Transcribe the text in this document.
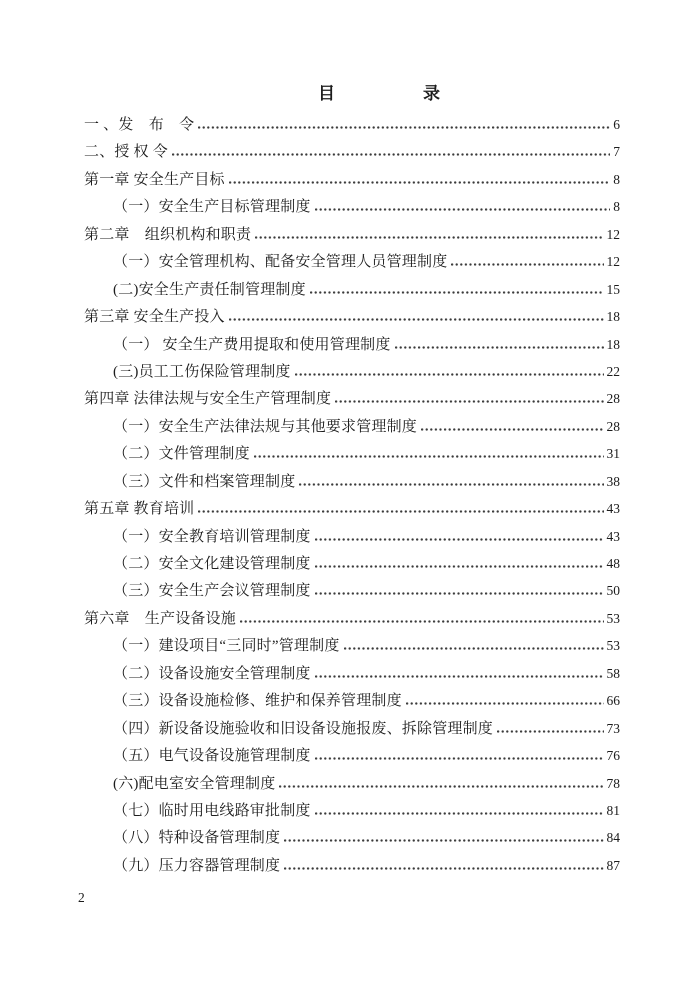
目	录
一 、发　布　令	6
二、授 权 令	7
第一章 安全生产目标	8
（一）安全生产目标管理制度	8
第二章　组织机构和职责	12
（一）安全管理机构、配备安全管理人员管理制度	12
(二)安全生产责任制管理制度	15
第三章 安全生产投入	18
（一） 安全生产费用提取和使用管理制度	18
(三)员工工伤保险管理制度	22
第四章 法律法规与安全生产管理制度	28
（一）安全生产法律法规与其他要求管理制度	28
（二）文件管理制度	31
（三）文件和档案管理制度	38
第五章 教育培训	43
（一）安全教育培训管理制度	43
（二）安全文化建设管理制度	48
（三）安全生产会议管理制度	50
第六章　生产设备设施	53
（一）建设项目“三同时”管理制度	53
（二）设备设施安全管理制度	58
（三）设备设施检修、维护和保养管理制度	66
（四）新设备设施验收和旧设备设施报废、拆除管理制度	73
（五）电气设备设施管理制度	76
(六)配电室安全管理制度	78
（七）临时用电线路审批制度	81
（八）特种设备管理制度	84
（九）压力容器管理制度	87
2
